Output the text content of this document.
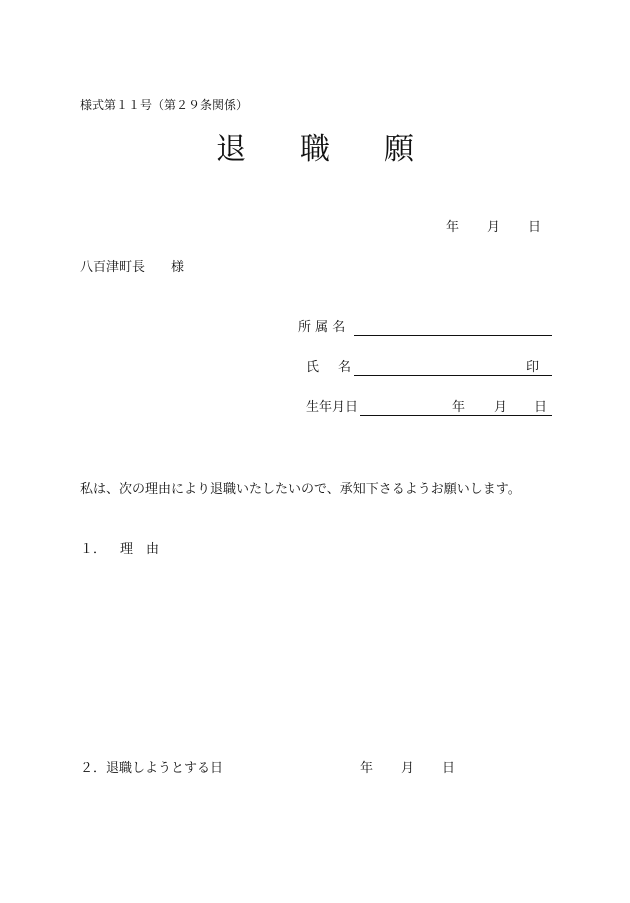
様式第１１号（第２９条関係）
退 職 願
年 月 日
八百津町長 様
所 属 名
氏 名	印
生年月日	年 月 日
私は、次の理由により退職いたしたいので、承知下さるようお願いします。
１． 理　由
２．退職しようとする日	年 月 日
